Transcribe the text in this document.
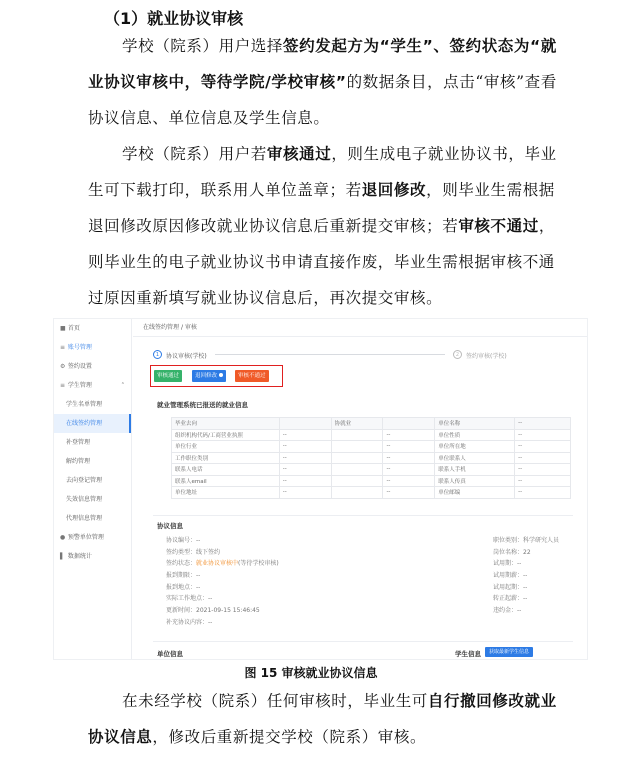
（1）就业协议审核
学校（院系）用户选择签约发起方为“学生”、签约状态为“就业协议审核中，等待学院/学校审核”的数据条目，点击“审核”查看协议信息、单位信息及学生信息。
学校（院系）用户若审核通过，则生成电子就业协议书，毕业生可下载打印，联系用人单位盖章；若退回修改，则毕业生需根据退回修改原因修改就业协议信息后重新提交审核；若审核不通过，则毕业生的电子就业协议书申请直接作废，毕业生需根据审核不通过原因重新填写就业协议信息后，再次提交审核。
■ 首页
≡ 账号管理
⚙ 签约设置
≡ 学生管理	⌃
学生名单管理
在线签约管理
补登管理
解约管理
去向登记管理
失效信息管理
代理信息管理
● 预警单位管理
▌ 数据统计
在线签约管理 / 审核
1	协议审核(学校)	2	签约审核(学校)
审核通过	退回修改	审核不通过
就业管理系统已报送的就业信息
毕业去向		协就业		单位名称	--
组织机构代码/工商营业执照	--		--	单位性质	--
单位行业	--		--	单位所在地	--
工作职位类别	--		--	单位联系人	--
联系人电话	--		--	联系人手机	--
联系人email	--		--	联系人传真	--
单位地址	--		--	单位邮编	--
协议信息
协议编号：--
签约类型：线下签约
签约状态：就业协议审核中(等待学校审核)
报到期限：--
报到地点：--
实际工作地点：--
更新时间：2021-09-15 15:46:45
补充协议内容：--
职位类别：科学研究人员
岗位名称：22
试用期：--
试用期薪：--
试用起期：--
转正起薪：--
违约金：--
单位信息	学生信息	获取最新学生信息
图 15 审核就业协议信息
在未经学校（院系）任何审核时，毕业生可自行撤回修改就业协议信息，修改后重新提交学校（院系）审核。
